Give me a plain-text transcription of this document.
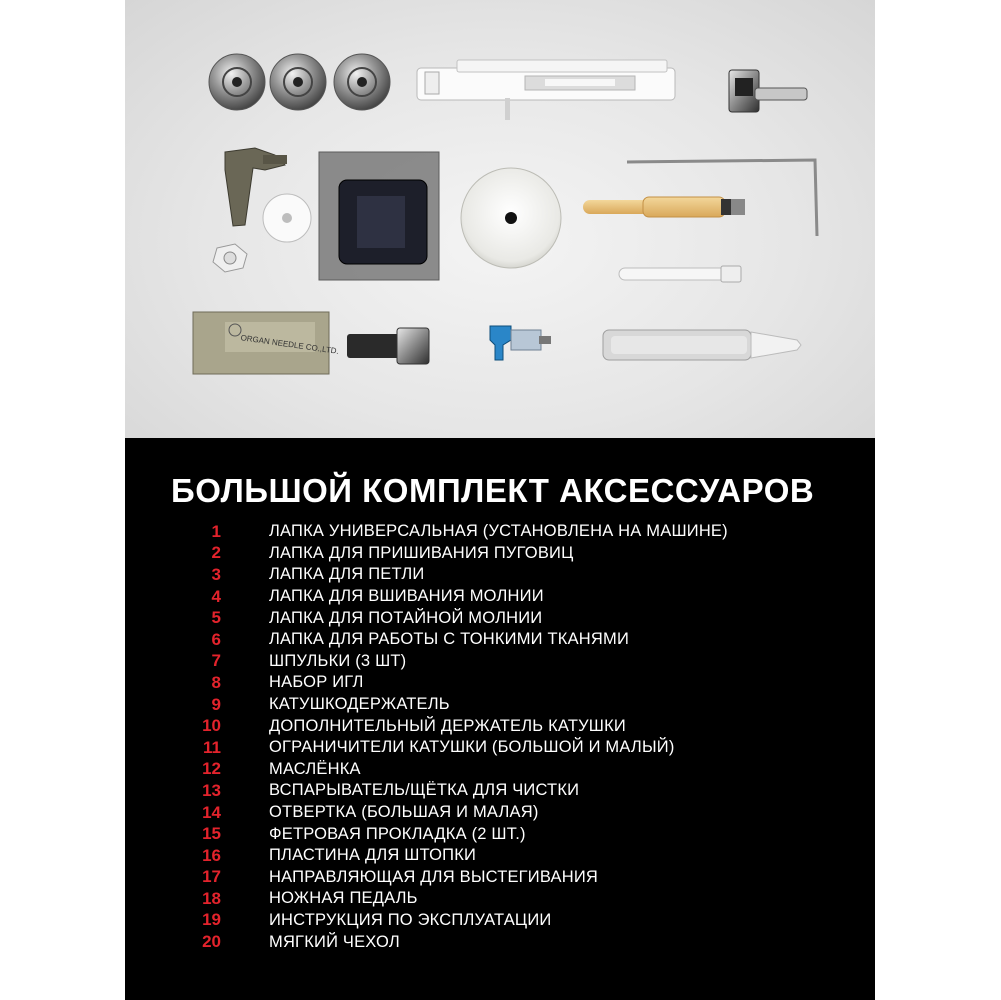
ORGAN NEEDLE CO.,LTD.
БОЛЬШОЙ КОМПЛЕКТ АКСЕССУАРОВ
1	ЛАПКА УНИВЕРСАЛЬНАЯ (УСТАНОВЛЕНА НА МАШИНЕ)
2	ЛАПКА ДЛЯ ПРИШИВАНИЯ ПУГОВИЦ
3	ЛАПКА ДЛЯ ПЕТЛИ
4	ЛАПКА ДЛЯ ВШИВАНИЯ МОЛНИИ
5	ЛАПКА ДЛЯ ПОТАЙНОЙ МОЛНИИ
6	ЛАПКА ДЛЯ РАБОТЫ С ТОНКИМИ ТКАНЯМИ
7	ШПУЛЬКИ (3 ШТ)
8	НАБОР ИГЛ
9	КАТУШКОДЕРЖАТЕЛЬ
10	ДОПОЛНИТЕЛЬНЫЙ ДЕРЖАТЕЛЬ КАТУШКИ
11	ОГРАНИЧИТЕЛИ КАТУШКИ (БОЛЬШОЙ И МАЛЫЙ)
12	МАСЛЁНКА
13	ВСПАРЫВАТЕЛЬ/ЩЁТКА ДЛЯ ЧИСТКИ
14	ОТВЕРТКА (БОЛЬШАЯ И МАЛАЯ)
15	ФЕТРОВАЯ ПРОКЛАДКА (2 ШТ.)
16	ПЛАСТИНА ДЛЯ ШТОПКИ
17	НАПРАВЛЯЮЩАЯ ДЛЯ ВЫСТЕГИВАНИЯ
18	НОЖНАЯ ПЕДАЛЬ
19	ИНСТРУКЦИЯ ПО ЭКСПЛУАТАЦИИ
20	МЯГКИЙ ЧЕХОЛ
